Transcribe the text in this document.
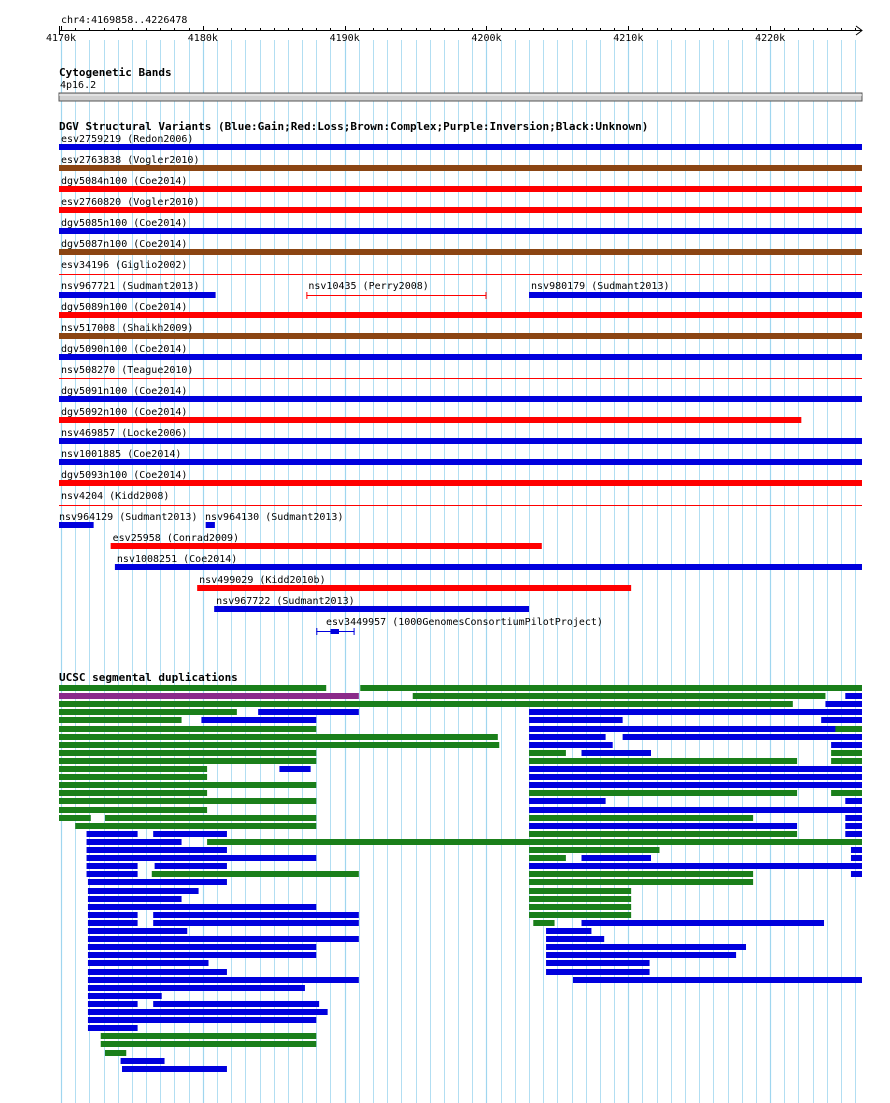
chr4:4169858..4226478
4170k	4180k	4190k	4200k	4210k	4220k
Cytogenetic Bands
4p16.2
DGV Structural Variants (Blue:Gain;Red:Loss;Brown:Complex;Purple:Inversion;Black:Unknown)
esv2759219 (Redon2006)
esv2763838 (Vogler2010)
dgv5084n100 (Coe2014)
esv2760820 (Vogler2010)
dgv5085n100 (Coe2014)
dgv5087n100 (Coe2014)
esv34196 (Giglio2002)
nsv967721 (Sudmant2013)	nsv10435 (Perry2008)	nsv980179 (Sudmant2013)
dgv5089n100 (Coe2014)
nsv517008 (Shaikh2009)
dgv5090n100 (Coe2014)
nsv508270 (Teague2010)
dgv5091n100 (Coe2014)
dgv5092n100 (Coe2014)
nsv469857 (Locke2006)
nsv1001885 (Coe2014)
dgv5093n100 (Coe2014)
nsv4204 (Kidd2008)
nsv964129 (Sudmant2013) nsv964130 (Sudmant2013)
esv25958 (Conrad2009)
nsv1008251 (Coe2014)
nsv499029 (Kidd2010b)
nsv967722 (Sudmant2013)
esv3449957 (1000GenomesConsortiumPilotProject)
UCSC segmental duplications
